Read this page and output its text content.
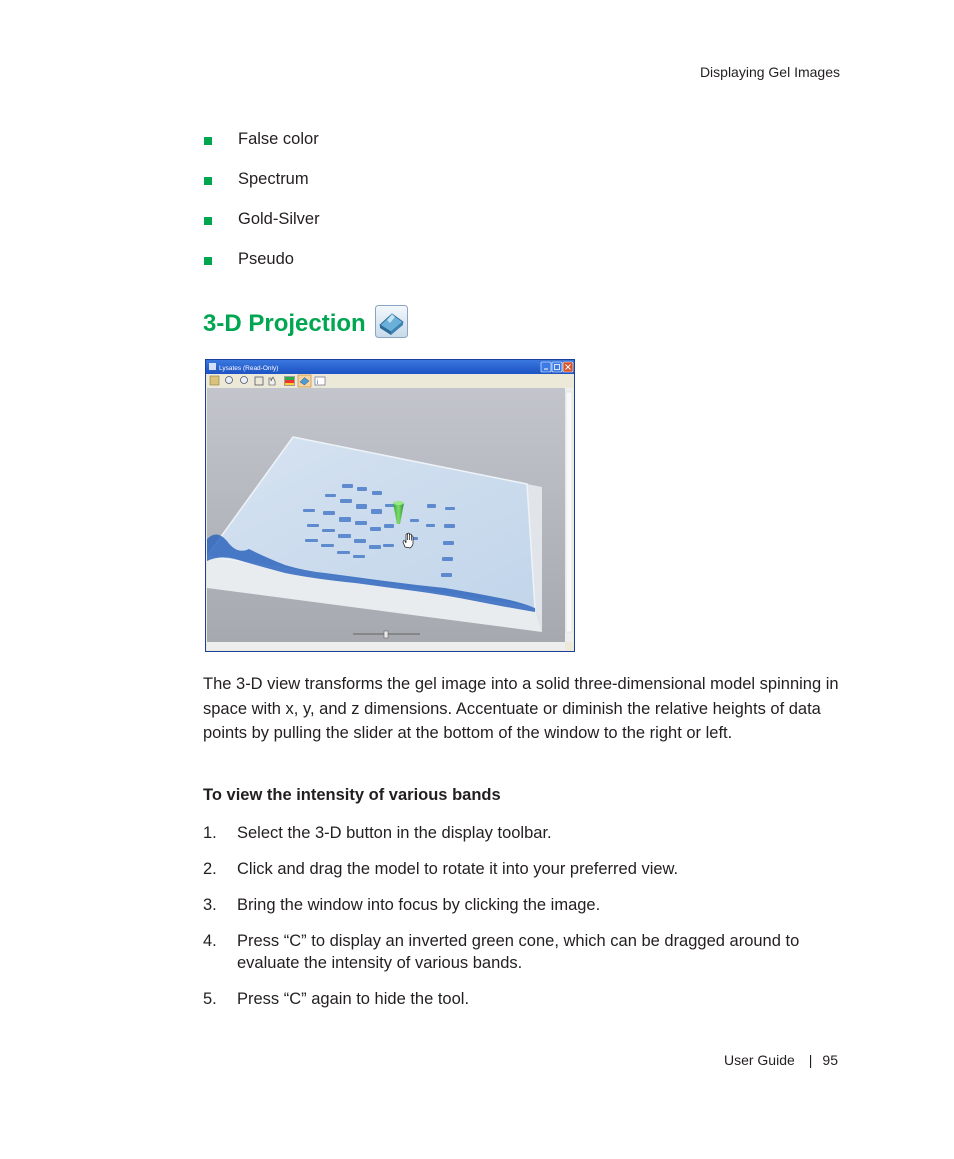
Displaying Gel Images
False color
Spectrum
Gold-Silver
Pseudo
3-D Projection
Lysates (Read-Only)
i

The 3-D view transforms the gel image into a solid three-dimensional model spinning in space with x, y, and z dimensions. Accentuate or diminish the relative heights of data points by pulling the slider at the bottom of the window to the right or left.

To view the intensity of various bands
1.	Select the 3-D button in the display toolbar.
2.	Click and drag the model to rotate it into your preferred view.
3.	Bring the window into focus by clicking the image.
4.	Press “C” to display an inverted green cone, which can be dragged around to evaluate the intensity of various bands.
5.	Press “C” again to hide the tool.
User Guide | 95
